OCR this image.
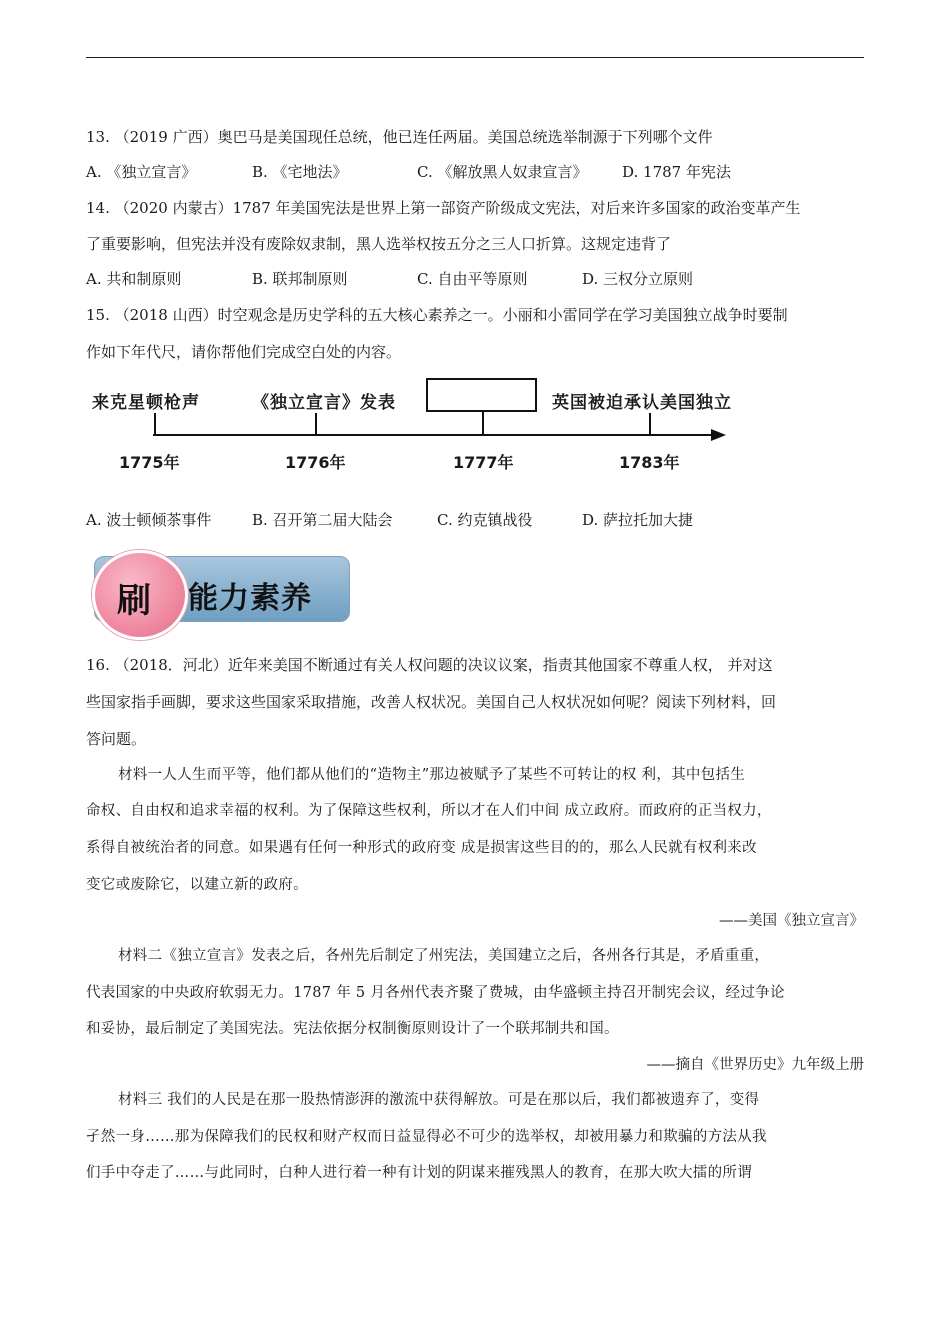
13. （2019 广西）奥巴马是美国现任总统，他已连任两届。美国总统选举制源于下列哪个文件
A. 《独立宣言》	B. 《宅地法》	C. 《解放黑人奴隶宣言》 D. 1787 年宪法
14. （2020 内蒙古）1787 年美国宪法是世界上第一部资产阶级成文宪法，对后来许多国家的政治变革产生
了重要影响，但宪法并没有废除奴隶制，黑人选举权按五分之三人口折算。这规定违背了
A. 共和制原则	B. 联邦制原则	C. 自由平等原则	D. 三权分立原则
15. （2018 山西）时空观念是历史学科的五大核心素养之一。小丽和小雷同学在学习美国独立战争时要制
作如下年代尺，请你帮他们完成空白处的内容。
来克星顿枪声	《独立宣言》发表	英国被迫承认美国独立
1775年	1776年	1777年	1783年
A. 波士顿倾茶事件	B. 召开第二届大陆会	C. 约克镇战役	D. 萨拉托加大捷
刷 能力素养
16. （2018．河北）近年来美国不断通过有关人权问题的决议议案，指责其他国家不尊重人权， 并对这
些国家指手画脚，要求这些国家采取措施，改善人权状况。美国自己人权状况如何呢？阅读下列材料，回
答问题。
材料一人人生而平等，他们都从他们的“造物主”那边被赋予了某些不可转让的权 利，其中包括生
命权、自由权和追求幸福的权利。为了保障这些权利，所以才在人们中间 成立政府。而政府的正当权力，
系得自被统治者的同意。如果遇有任何一种形式的政府变 成是损害这些目的的，那么人民就有权利来改
变它或废除它，以建立新的政府。
——美国《独立宣言》
材料二《独立宣言》发表之后，各州先后制定了州宪法，美国建立之后，各州各行其是，矛盾重重，
代表国家的中央政府软弱无力。1787 年 5 月各州代表齐聚了费城，由华盛顿主持召开制宪会议，经过争论
和妥协，最后制定了美国宪法。宪法依据分权制衡原则设计了一个联邦制共和国。
——摘自《世界历史》九年级上册
材料三 我们的人民是在那一股热情澎湃的激流中获得解放。可是在那以后，我们都被遗弃了，变得
孑然一身……那为保障我们的民权和财产权而日益显得必不可少的选举权，却被用暴力和欺骗的方法从我
们手中夺走了……与此同时，白种人进行着一种有计划的阴谋来摧残黑人的教育，在那大吹大擂的所谓
